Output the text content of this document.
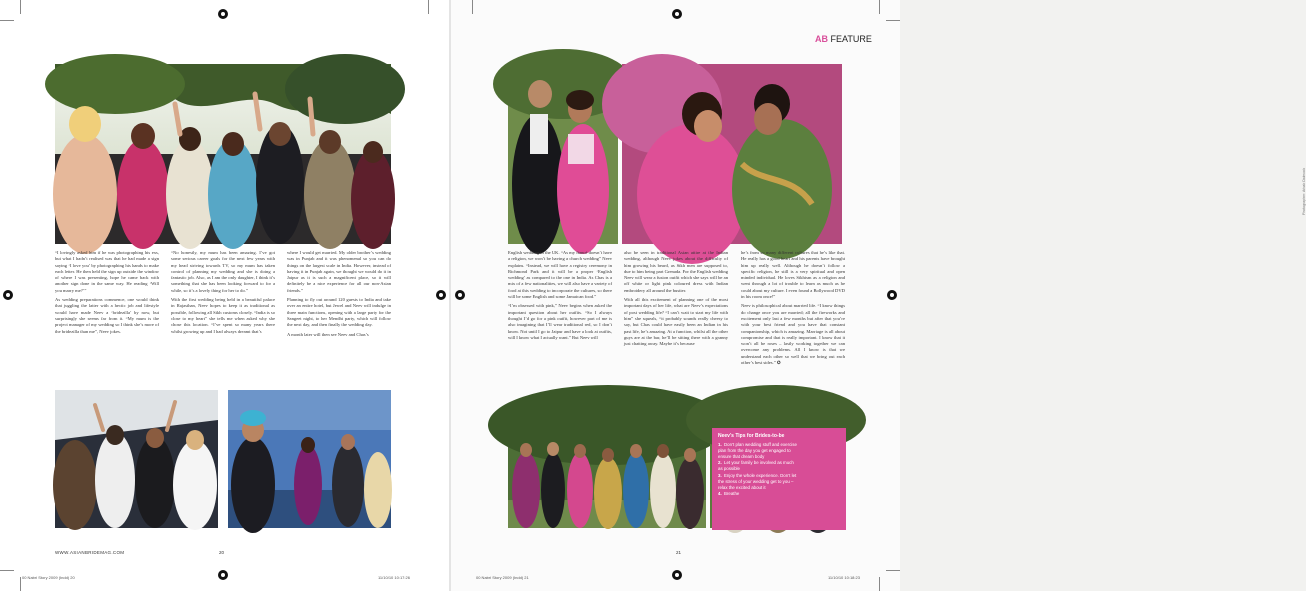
“I lovingly asked him if he was photographing his exs, but what I hadn’t realised was that he had made a sign saying ‘I love you’ by photographing his hands to make each letter. He then held the sign up outside the window of where I was presenting, hope he came back with another sign done in the same way. He reading ‘Will you marry me?’”

As wedding preparations commence, one would think that juggling the latter with a hectic job and lifestyle would have made Neev a ‘bridezilla’ by now, but surprisingly she seems far from it. “My mum is the project manager of my wedding so I think she’s more of the bridezilla than me”, Neev jokes.

“No honestly, my mum has been amazing. I’ve got some serious career goals for the next few years with my head striving towards TV, so my mum has taken control of planning my wedding and she is doing a fantastic job. Also, as I am the only daughter, I think it’s something that she has been looking forward to for a while, so it’s a lovely thing for her to do.”

With the first wedding being held in a beautiful palace in Rajasthan, Neev hopes to keep it as traditional as possible, following all Sikh customs closely. “India is so close to my heart” she tells me when asked why she chose this location. “I’ve spent so many years there whilst growing up and I had always dreamt that’s

where I would get married. My older brother’s wedding was in Punjab and it was phenomenal so you can do things on the largest scale in India. However, instead of having it in Punjab again, we thought we would do it in Jaipur as it is such a magnificent place, so it will definitely be a nice experience for all our non-Asian friends.”

Planning to fly out around 120 guests to India and take over an entire hotel, but Jewel and Neev will indulge in three main functions, opening with a large party for the Sangeet night, to her Mendhi party, which will follow the next day, and then finally the wedding day.

A month later will then see Neev and Chas’s

WWW.ASIANBRIDEMAG.COM	20
AB FEATURE
Photographer: Arbab Dalmook

English wedding in the UK. “As my fiancé doesn’t have a religion, we won’t be having a church wedding” Neev explains. “Instead, we will have a registry ceremony in Richmond Park and it will be a proper ‘English wedding’ as compared to the one in India. As Chas is a mix of a few nationalities, we will also have a variety of food at this wedding to incorporate the cultures, so there will be some English and some Jamaican food.”

“I’m obsessed with pink,” Neev begins when asked the important question about her outfits. “So I always thought I’d go for a pink outfit, however part of me is also imagining that I’ll wear traditional red, so I don’t know. Not until I go to Jaipur and have a look at outfits, will I know what I actually want.” But Neev will

also be seen in traditional Asian attire at the Indian wedding, although Neev jokes about the difficulty of him growing his beard, as Sikh men are supposed to, due to him being part Grenada. For the English wedding Neev will wear a fusion outfit which she says will be an off white or light pink coloured dress with Indian embroidery all around the bustier.

With all this excitement of planning one of the most important days of her life, what are Neev’s expectations of post wedding life? “I can’t wait to start my life with him” she squeals, “it probably sounds really cheesy to say, but Chas could have easily been an Indian in his past life, he’s amazing. At a function, whilst all the other guys are at the bar, he’ll be sitting there with a granny just chatting away. Maybe it’s because

he’s from so many different cultures that he’s like that. He really has a good heart and his parents have brought him up really well. Although he doesn’t follow a specific religion, he still is a very spiritual and open minded individual. He loves Sikhism as a religion and went through a lot of trouble to learn as much as he could about my culture. I even found a Bollywood DVD in his room once!”

Neev is philosophical about married life. “I know things do change once you are married; all the fireworks and excitement only last a few months but after that you’re with your best friend and you have that constant companionship, which is amazing. Marriage is all about compromise and that is really important. I know that it won’t all be roses – lastly working together we can overcome any problems. All I know is that we understand each other so well that we bring out each other’s best sides.” ✪

Neev’s Tips for Brides-to-be
1. Don’t plan wedding stuff and exercise plan from the day you get engaged to ensure that dream body
2. Let your family be involved as much as possible
3. Enjoy the whole experience. Don’t let the stress of your wedding get to you – relax the excited about it
4. Breathe
21
00 Nabri Story 2009 (Indd) 20	11/10/10 10:17:26	00 Nabri Story 2009 (Indd) 21	11/10/10 10:18:23
